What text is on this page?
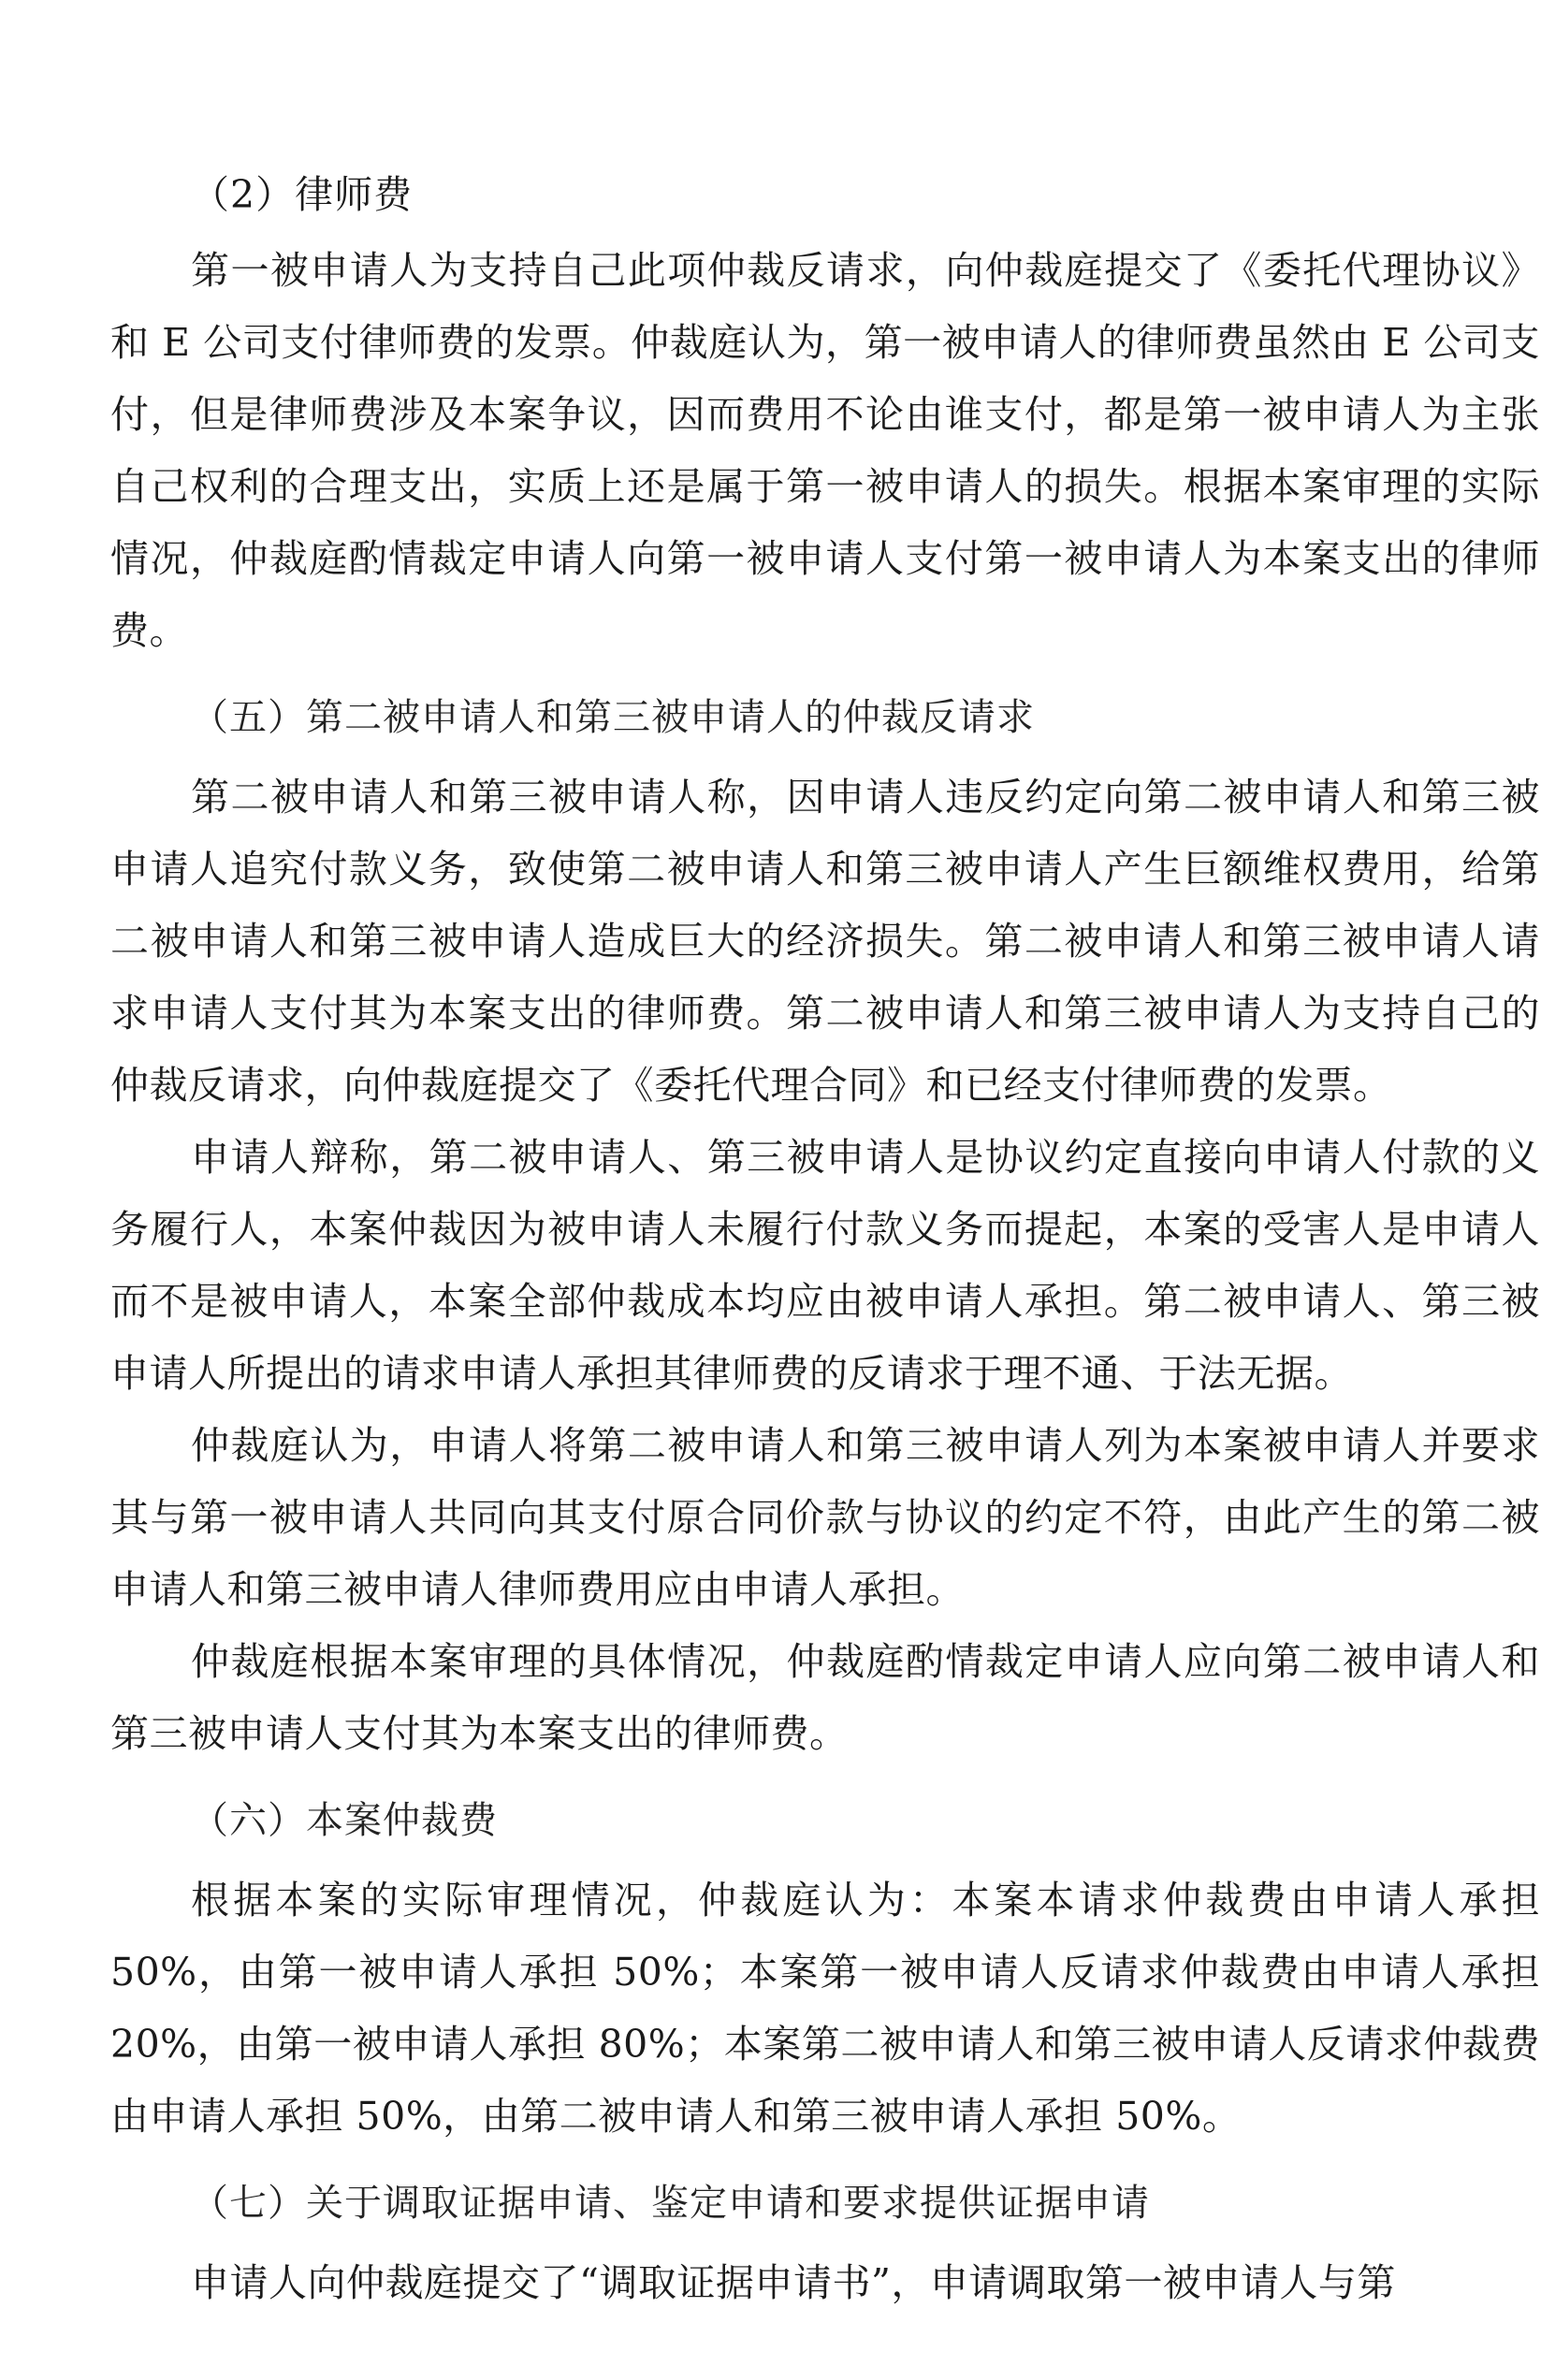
（2）律师费

第一被申请人为支持自己此项仲裁反请求，向仲裁庭提交了《委托代理协议》和 E 公司支付律师费的发票。仲裁庭认为，第一被申请人的律师费虽然由 E 公司支付，但是律师费涉及本案争议，因而费用不论由谁支付，都是第一被申请人为主张自己权利的合理支出，实质上还是属于第一被申请人的损失。根据本案审理的实际情况，仲裁庭酌情裁定申请人向第一被申请人支付第一被申请人为本案支出的律师费。

（五）第二被申请人和第三被申请人的仲裁反请求

第二被申请人和第三被申请人称，因申请人违反约定向第二被申请人和第三被申请人追究付款义务，致使第二被申请人和第三被申请人产生巨额维权费用，给第二被申请人和第三被申请人造成巨大的经济损失。第二被申请人和第三被申请人请求申请人支付其为本案支出的律师费。第二被申请人和第三被申请人为支持自己的仲裁反请求，向仲裁庭提交了《委托代理合同》和已经支付律师费的发票。

申请人辩称，第二被申请人、第三被申请人是协议约定直接向申请人付款的义务履行人，本案仲裁因为被申请人未履行付款义务而提起，本案的受害人是申请人而不是被申请人，本案全部仲裁成本均应由被申请人承担。第二被申请人、第三被申请人所提出的请求申请人承担其律师费的反请求于理不通、于法无据。

仲裁庭认为，申请人将第二被申请人和第三被申请人列为本案被申请人并要求其与第一被申请人共同向其支付原合同价款与协议的约定不符，由此产生的第二被申请人和第三被申请人律师费用应由申请人承担。

仲裁庭根据本案审理的具体情况，仲裁庭酌情裁定申请人应向第二被申请人和第三被申请人支付其为本案支出的律师费。

（六）本案仲裁费

根据本案的实际审理情况，仲裁庭认为：本案本请求仲裁费由申请人承担 50%，由第一被申请人承担 50%；本案第一被申请人反请求仲裁费由申请人承担 20%，由第一被申请人承担 80%；本案第二被申请人和第三被申请人反请求仲裁费由申请人承担 50%，由第二被申请人和第三被申请人承担 50%。

（七）关于调取证据申请、鉴定申请和要求提供证据申请

申请人向仲裁庭提交了“调取证据申请书”，申请调取第一被申请人与第
